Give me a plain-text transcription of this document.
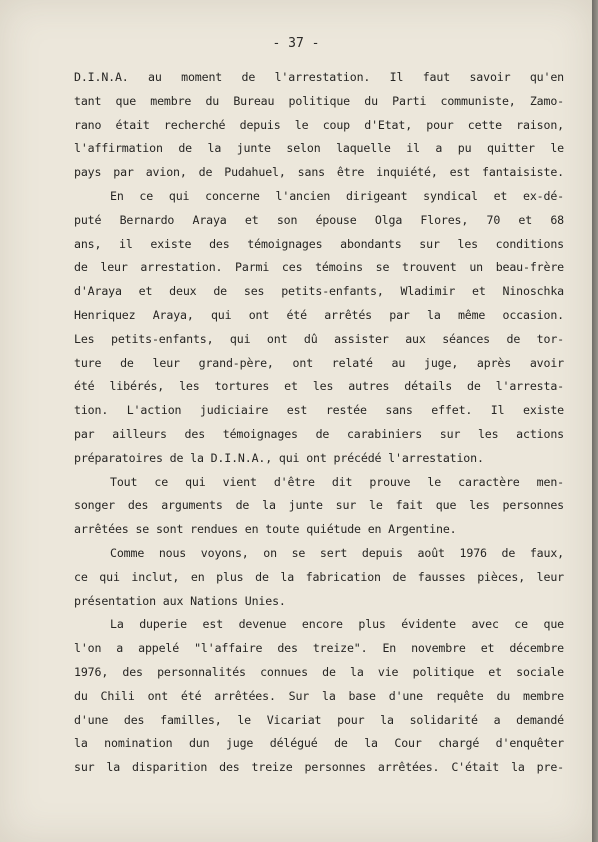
- 37 -
D.I.N.A. au moment de l'arrestation. Il faut savoir qu'en
tant que membre du Bureau politique du Parti communiste, Zamo-
rano était recherché depuis le coup d'Etat, pour cette raison,
l'affirmation de la junte selon laquelle il a pu quitter le
pays par avion, de Pudahuel, sans être inquiété, est fantaisiste.
En ce qui concerne l'ancien dirigeant syndical et ex-dé-
puté Bernardo Araya et son épouse Olga Flores, 70 et 68
ans, il existe des témoignages abondants sur les conditions
de leur arrestation. Parmi ces témoins se trouvent un beau-frère
d'Araya et deux de ses petits-enfants, Wladimir et Ninoschka
Henriquez Araya, qui ont été arrêtés par la même occasion.
Les petits-enfants, qui ont dû assister aux séances de tor-
ture de leur grand-père, ont relaté au juge, après avoir
été libérés, les tortures et les autres détails de l'arresta-
tion. L'action judiciaire est restée sans effet. Il existe
par ailleurs des témoignages de carabiniers sur les actions
préparatoires de la D.I.N.A., qui ont précédé l'arrestation.
Tout ce qui vient d'être dit prouve le caractère men-
songer des arguments de la junte sur le fait que les personnes
arrêtées se sont rendues en toute quiétude en Argentine.
Comme nous voyons, on se sert depuis août 1976 de faux,
ce qui inclut, en plus de la fabrication de fausses pièces, leur
présentation aux Nations Unies.
La duperie est devenue encore plus évidente avec ce que
l'on a appelé "l'affaire des treize". En novembre et décembre
1976, des personnalités connues de la vie politique et sociale
du Chili ont été arrêtées. Sur la base d'une requête du membre
d'une des familles, le Vicariat pour la solidarité a demandé
la nomination dun juge délégué de la Cour chargé d'enquêter
sur la disparition des treize personnes arrêtées. C'était la pre-
